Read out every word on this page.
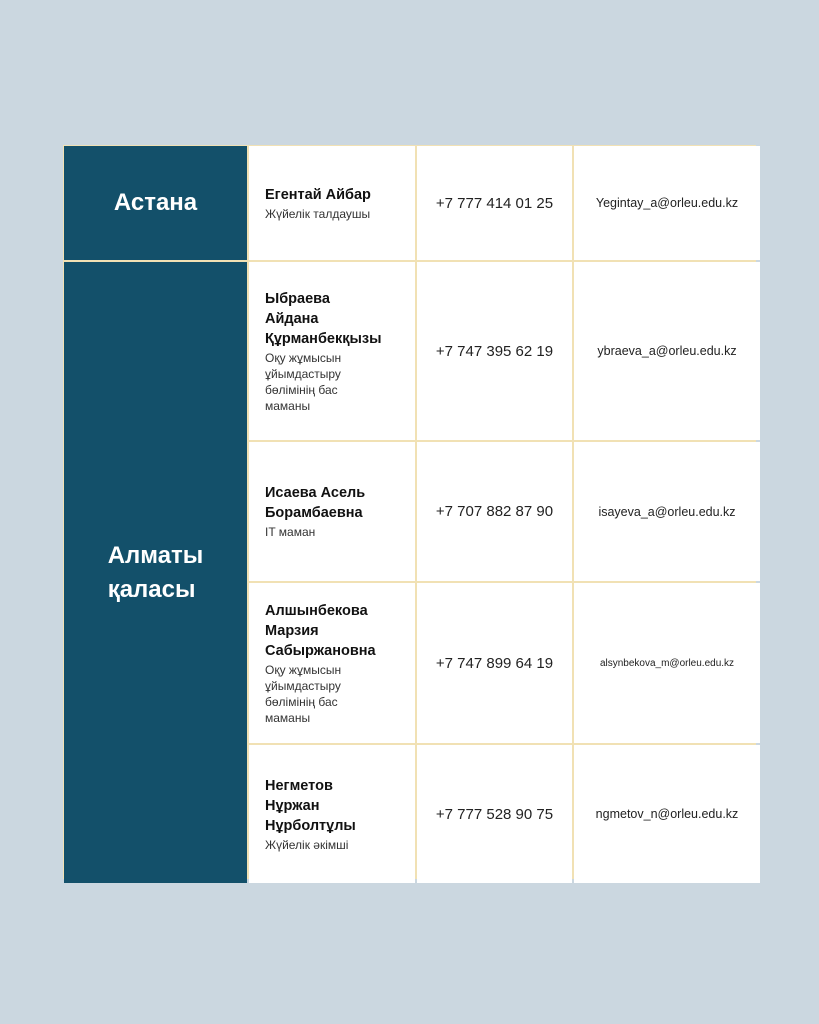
Астана	Егентай Айбар
Жүйелік талдаушы
+7 777 414 01 25	Yegintay_a@orleu.edu.kz
Алматы
қаласы
Ыбраева
Айдана
Құрманбекқызы
Оқу жұмысын
ұйымдастыру
бөлімінің бас
маманы
+7 747 395 62 19	ybraeva_a@orleu.edu.kz
Исаева Асель
Борамбаевна
IT маман
+7 707 882 87 90	isayeva_a@orleu.edu.kz
Алшынбекова
Марзия
Сабыржановна
Оқу жұмысын
ұйымдастыру
бөлімінің бас
маманы
+7 747 899 64 19	alsynbekova_m@orleu.edu.kz
Негметов
Нұржан
Нұрболтұлы
Жүйелік әкімші
+7 777 528 90 75	ngmetov_n@orleu.edu.kz
